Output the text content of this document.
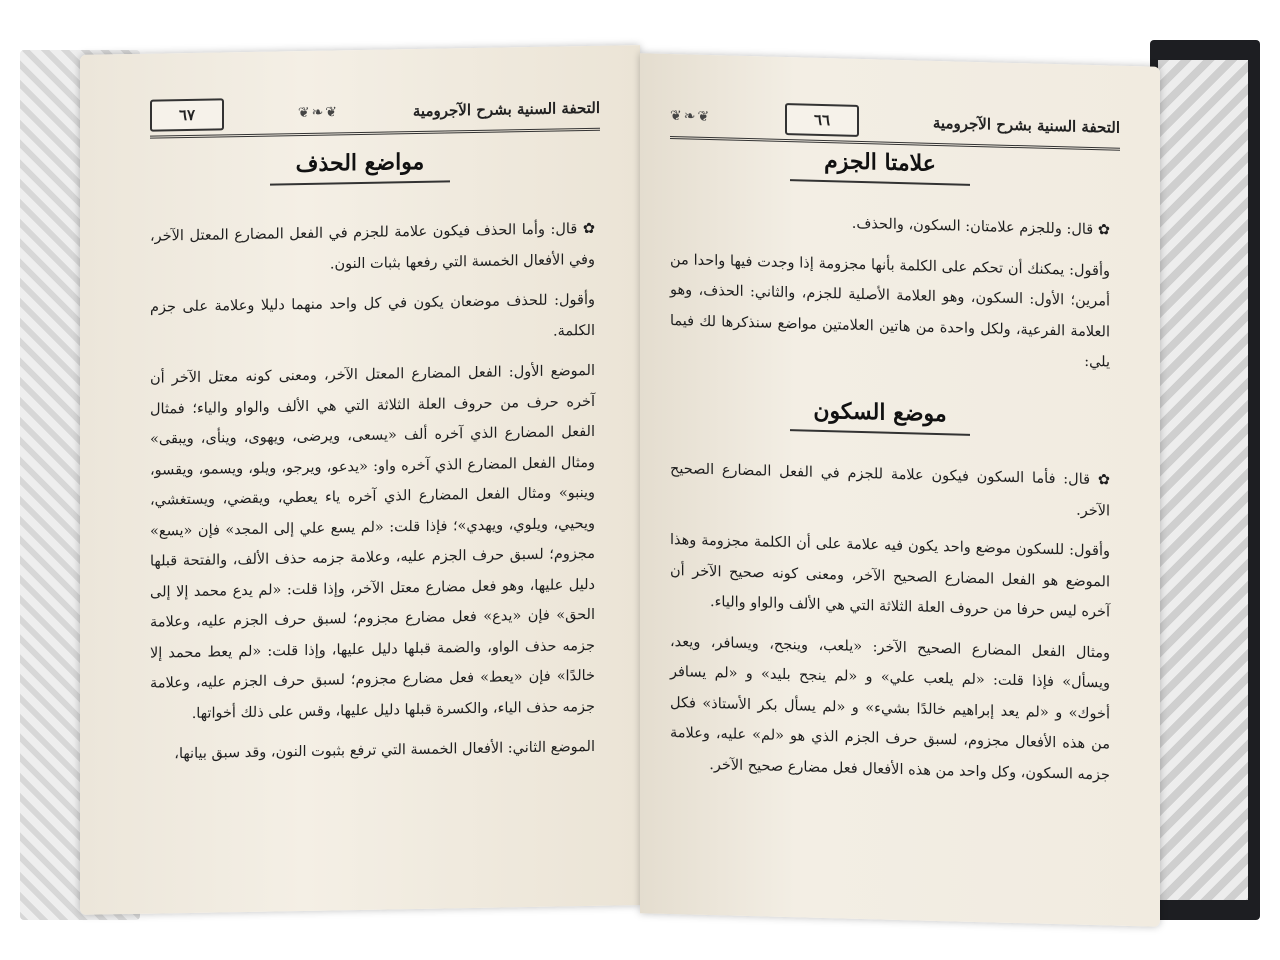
٦٧	❦❧❦	التحفة السنية بشرح الآجرومية
مواضع الحذف

✿ قال: وأما الحذف فيكون علامة للجزم في الفعل المضارع المعتل الآخر، وفي الأفعال الخمسة التي رفعها بثبات النون.

وأقول: للحذف موضعان يكون في كل واحد منهما دليلا وعلامة على جزم الكلمة.

الموضع الأول: الفعل المضارع المعتل الآخر، ومعنى كونه معتل الآخر أن آخره حرف من حروف العلة الثلاثة التي هي الألف والواو والياء؛ فمثال الفعل المضارع الذي آخره ألف «يسعى، ويرضى، ويهوى، وينأى، ويبقى» ومثال الفعل المضارع الذي آخره واو: «يدعو، ويرجو، ويلو، ويسمو، ويقسو، وينبو» ومثال الفعل المضارع الذي آخره ياء يعطي، ويقضي، ويستغشي، ويحيي، ويلوي، ويهدي»؛ فإذا قلت: «لم يسع علي إلى المجد» فإن «يسع» مجزوم؛ لسبق حرف الجزم عليه، وعلامة جزمه حذف الألف، والفتحة قبلها دليل عليها، وهو فعل مضارع معتل الآخر، وإذا قلت: «لم يدع محمد إلا إلى الحق» فإن «يدع» فعل مضارع مجزوم؛ لسبق حرف الجزم عليه، وعلامة جزمه حذف الواو، والضمة قبلها دليل عليها، وإذا قلت: «لم يعط محمد إلا خالدًا» فإن «يعط» فعل مضارع مجزوم؛ لسبق حرف الجزم عليه، وعلامة جزمه حذف الياء، والكسرة قبلها دليل عليها، وقس على ذلك أخواتها.

الموضع الثاني: الأفعال الخمسة التي ترفع بثبوت النون، وقد سبق بيانها،

❦❧❦	٦٦	التحفة السنية بشرح الآجرومية
علامتا الجزم

✿ قال: وللجزم علامتان: السكون، والحذف.

وأقول: يمكنك أن تحكم على الكلمة بأنها مجزومة إذا وجدت فيها واحدا من أمرين؛ الأول: السكون، وهو العلامة الأصلية للجزم، والثاني: الحذف، وهو العلامة الفرعية، ولكل واحدة من هاتين العلامتين مواضع سنذكرها لك فيما يلي:

موضع السكون

✿ قال: فأما السكون فيكون علامة للجزم في الفعل المضارع الصحيح الآخر.

وأقول: للسكون موضع واحد يكون فيه علامة على أن الكلمة مجزومة وهذا الموضع هو الفعل المضارع الصحيح الآخر، ومعنى كونه صحيح الآخر أن آخره ليس حرفا من حروف العلة الثلاثة التي هي الألف والواو والياء.

ومثال الفعل المضارع الصحيح الآخر: «يلعب، وينجح، ويسافر، ويعد، ويسأل» فإذا قلت: «لم يلعب علي» و «لم ينجح بليد» و «لم يسافر أخوك» و «لم يعد إبراهيم خالدًا بشيء» و «لم يسأل بكر الأستاذ» فكل من هذه الأفعال مجزوم، لسبق حرف الجزم الذي هو «لم» عليه، وعلامة جزمه السكون، وكل واحد من هذه الأفعال فعل مضارع صحيح الآخر.
